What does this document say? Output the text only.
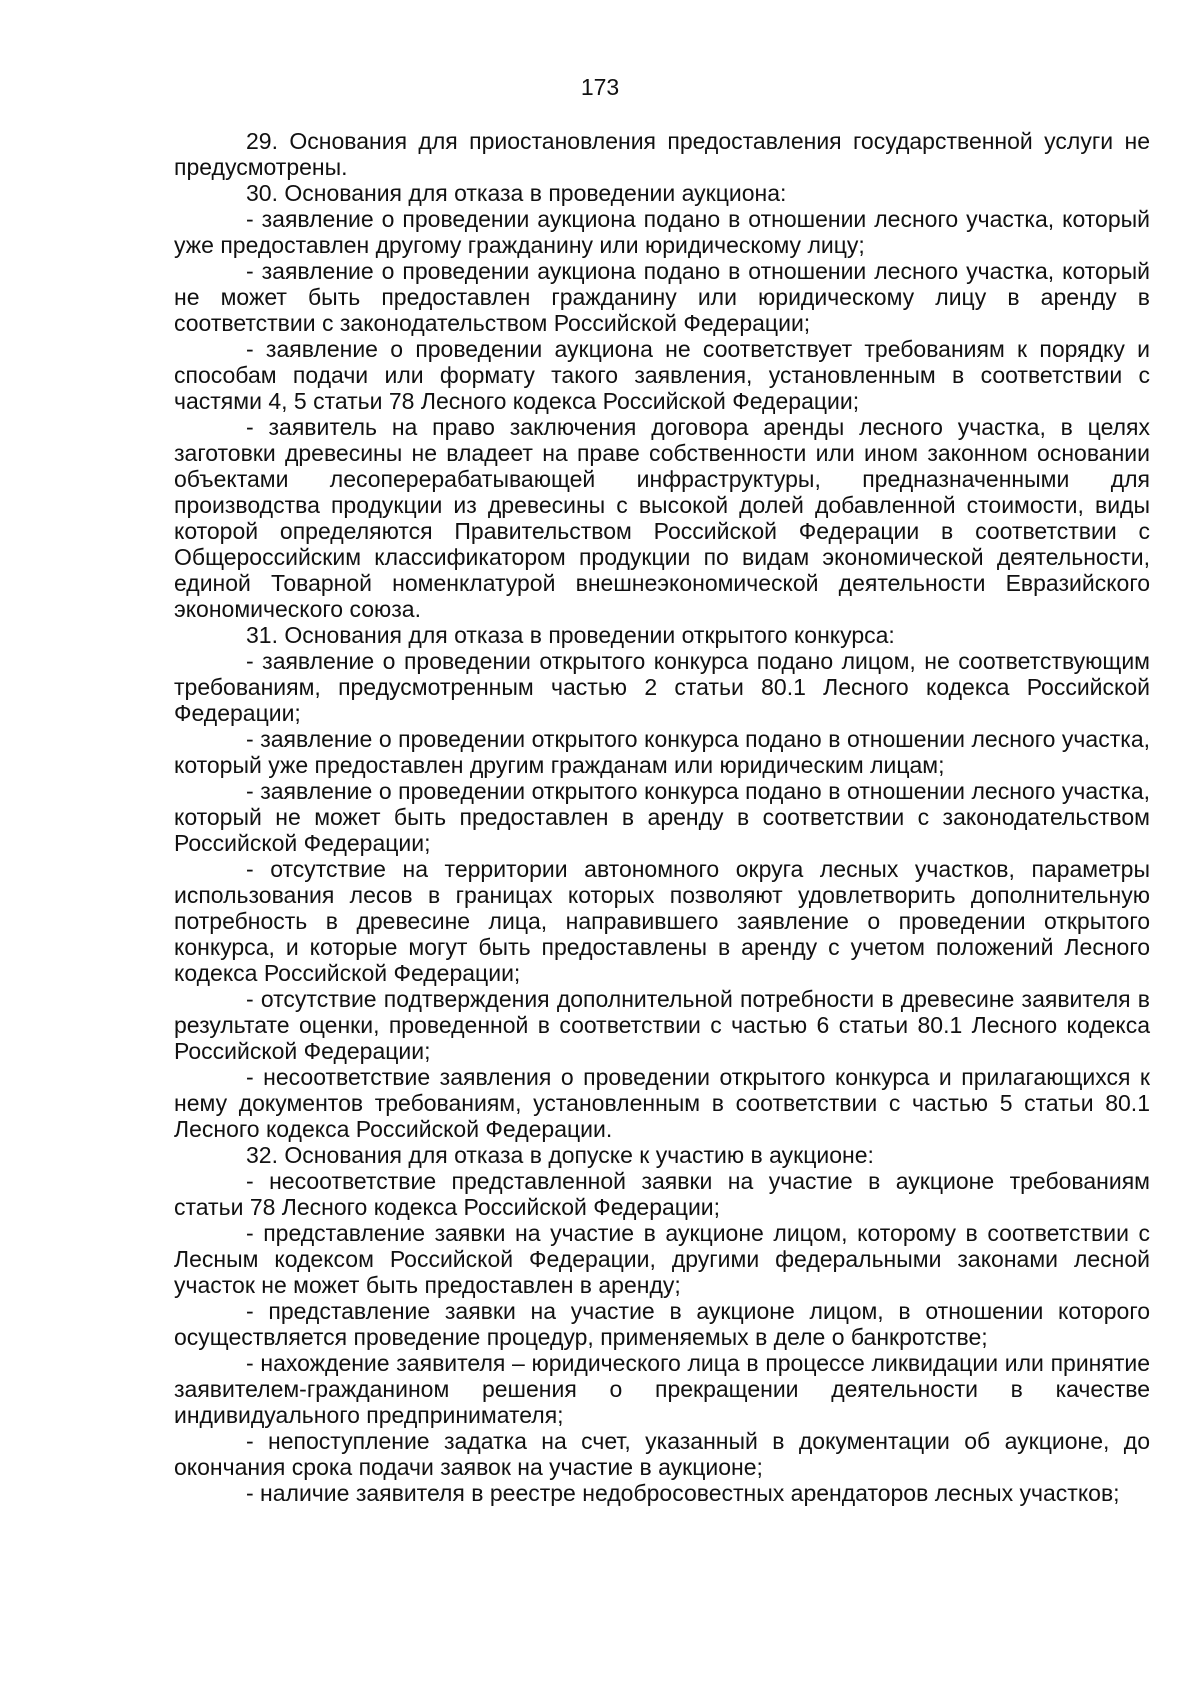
173

29. Основания для приостановления предоставления государственной услуги не предусмотрены.

30. Основания для отказа в проведении аукциона:

- заявление о проведении аукциона подано в отношении лесного участка, который уже предоставлен другому гражданину или юридическому лицу;

- заявление о проведении аукциона подано в отношении лесного участка, который не может быть предоставлен гражданину или юридическому лицу в аренду в соответствии с законодательством Российской Федерации;

- заявление о проведении аукциона не соответствует требованиям к порядку и способам подачи или формату такого заявления, установленным в соответствии с частями 4, 5 статьи 78 Лесного кодекса Российской Федерации;

- заявитель на право заключения договора аренды лесного участка, в целях заготовки древесины не владеет на праве собственности или ином законном основании объектами лесоперерабатывающей инфраструктуры, предназначенными для производства продукции из древесины с высокой долей добавленной стоимости, виды которой определяются Правительством Российской Федерации в соответствии с Общероссийским классификатором продукции по видам экономической деятельности, единой Товарной номенклатурой внешнеэкономической деятельности Евразийского экономического союза.

31. Основания для отказа в проведении открытого конкурса:

- заявление о проведении открытого конкурса подано лицом, не соответствующим требованиям, предусмотренным частью 2 статьи 80.1 Лесного кодекса Российской Федерации;

- заявление о проведении открытого конкурса подано в отношении лесного участка, который уже предоставлен другим гражданам или юридическим лицам;

- заявление о проведении открытого конкурса подано в отношении лесного участка, который не может быть предоставлен в аренду в соответствии с законодательством Российской Федерации;

- отсутствие на территории автономного округа лесных участков, параметры использования лесов в границах которых позволяют удовлетворить дополнительную потребность в древесине лица, направившего заявление о проведении открытого конкурса, и которые могут быть предоставлены в аренду с учетом положений Лесного кодекса Российской Федерации;

- отсутствие подтверждения дополнительной потребности в древесине заявителя в результате оценки, проведенной в соответствии с частью 6 статьи 80.1 Лесного кодекса Российской Федерации;

- несоответствие заявления о проведении открытого конкурса и прилагающихся к нему документов требованиям, установленным в соответствии с частью 5 статьи 80.1 Лесного кодекса Российской Федерации.

32. Основания для отказа в допуске к участию в аукционе:

- несоответствие представленной заявки на участие в аукционе требованиям статьи 78 Лесного кодекса Российской Федерации;

- представление заявки на участие в аукционе лицом, которому в соответствии с Лесным кодексом Российской Федерации, другими федеральными законами лесной участок не может быть предоставлен в аренду;

- представление заявки на участие в аукционе лицом, в отношении которого осуществляется проведение процедур, применяемых в деле о банкротстве;

- нахождение заявителя – юридического лица в процессе ликвидации или принятие заявителем-гражданином решения о прекращении деятельности в качестве индивидуального предпринимателя;

- непоступление задатка на счет, указанный в документации об аукционе, до окончания срока подачи заявок на участие в аукционе;

- наличие заявителя в реестре недобросовестных арендаторов лесных участков;
